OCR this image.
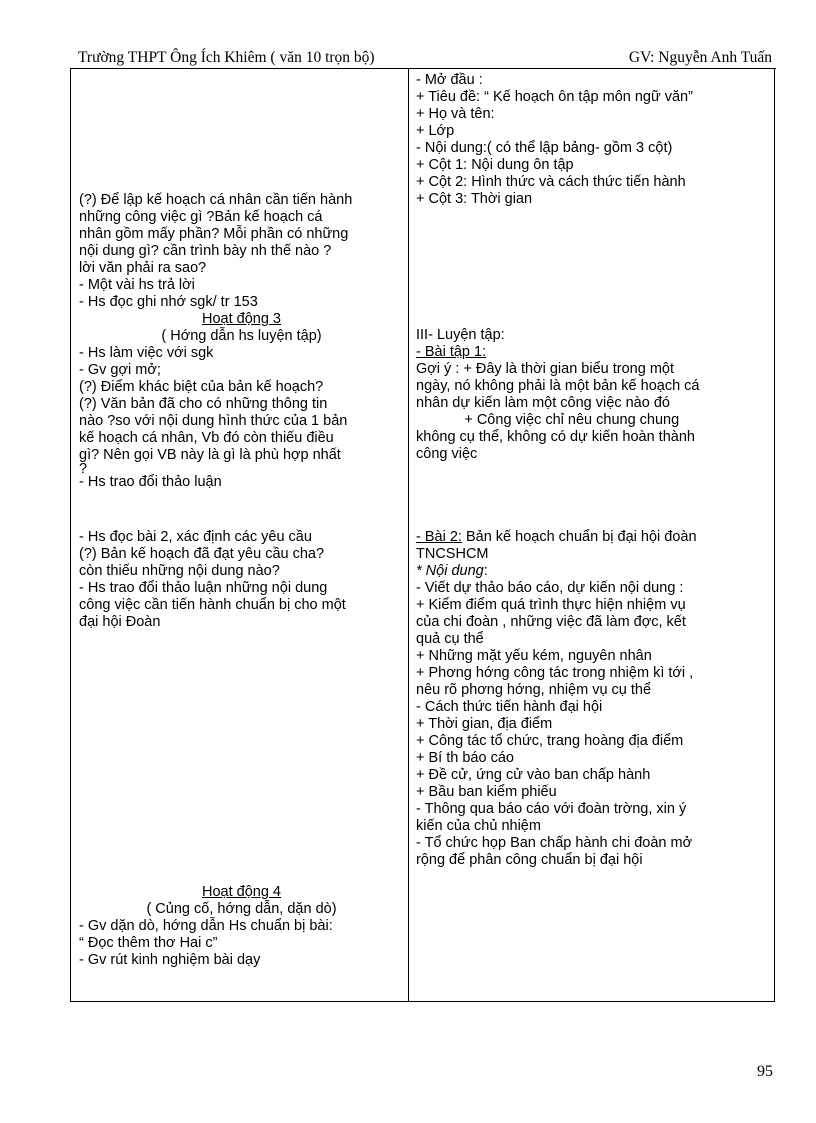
Trường THPT Ông Ích Khiêm ( văn 10 trọn bộ)	GV: Nguyễn Anh Tuấn
(?) Để lập kế hoạch cá nhân cần tiến hành
những công việc gì ?Bản kế hoạch cá
nhân gồm mấy phần? Mỗi phần có những
nội dung gì? cần trình bày nh thế nào ?
lời văn phải ra sao?
- Một vài hs trả lời
- Hs đọc ghi nhớ sgk/ tr 153
Hoạt động 3
( Hớng dẫn hs luyện tập)
- Hs làm việc với sgk
- Gv gợi mở;
(?) Điểm khác biệt của bản kế hoạch?
(?) Văn bản đã cho có những thông tin
nào ?so với nội dung hình thức của 1 bản
kế hoạch cá nhân, Vb đó còn thiếu điều
gì? Nên gọi VB này là gì là phù hợp nhất
?
- Hs trao đổi thảo luận
- Hs đọc bài 2, xác định các yêu cầu
(?) Bản kế hoạch đã đạt yêu cầu cha?
còn thiếu những nội dung nào?
- Hs trao đổi thảo luận những nội dung
công việc cần tiến hành chuẩn bị cho một
đại hội Đoàn
Hoạt động 4
( Củng cố, hớng dẫn, dặn dò)
- Gv dặn dò, hớng dẫn Hs chuẩn bị bài:
“ Đọc thêm thơ Hai c”
- Gv rút kinh nghiệm bài dạy
- Mở đầu :
+ Tiêu đề: “ Kế hoạch ôn tập môn ngữ văn”
+ Họ và tên:
+ Lớp
- Nội dung:( có thể lập bảng- gồm 3 cột)
+ Cột 1: Nội dung ôn tập
+ Cột 2: Hình thức và cách thức tiến hành
+ Cột 3: Thời gian
III- Luyện tập:
- Bài tập 1:
Gợi ý : + Đây là thời gian biểu trong một
ngày, nó không phải là một bản kế hoạch cá
nhân dự kiến làm một công việc nào đó
+ Công việc chỉ nêu chung chung
không cụ thể, không có dự kiến hoàn thành
công việc
- Bài 2: Bản kế hoạch chuẩn bị đại hội đoàn
TNCSHCM
* Nội dung:
- Viết dự thảo báo cáo, dự kiến nội dung :
+ Kiểm điểm quá trình thực hiện nhiệm vụ
của chi đoàn , những việc đã làm đợc, kết
quả cụ thể
+ Những mặt yếu kém, nguyên nhân
+ Phơng hớng công tác trong nhiệm kì tới ,
nêu rõ phơng hớng, nhiệm vụ cụ thể
- Cách thức tiến hành đại hội
+ Thời gian, địa điểm
+ Công tác tổ chức, trang hoàng địa điểm
+ Bí th báo cáo
+ Đề cử, ứng cử vào ban chấp hành
+ Bầu ban kiểm phiếu
- Thông qua báo cáo với đoàn trờng, xin ý
kiến của chủ nhiệm
- Tổ chức họp Ban chấp hành chi đoàn mở
rộng để phân công chuẩn bị đại hội
95
